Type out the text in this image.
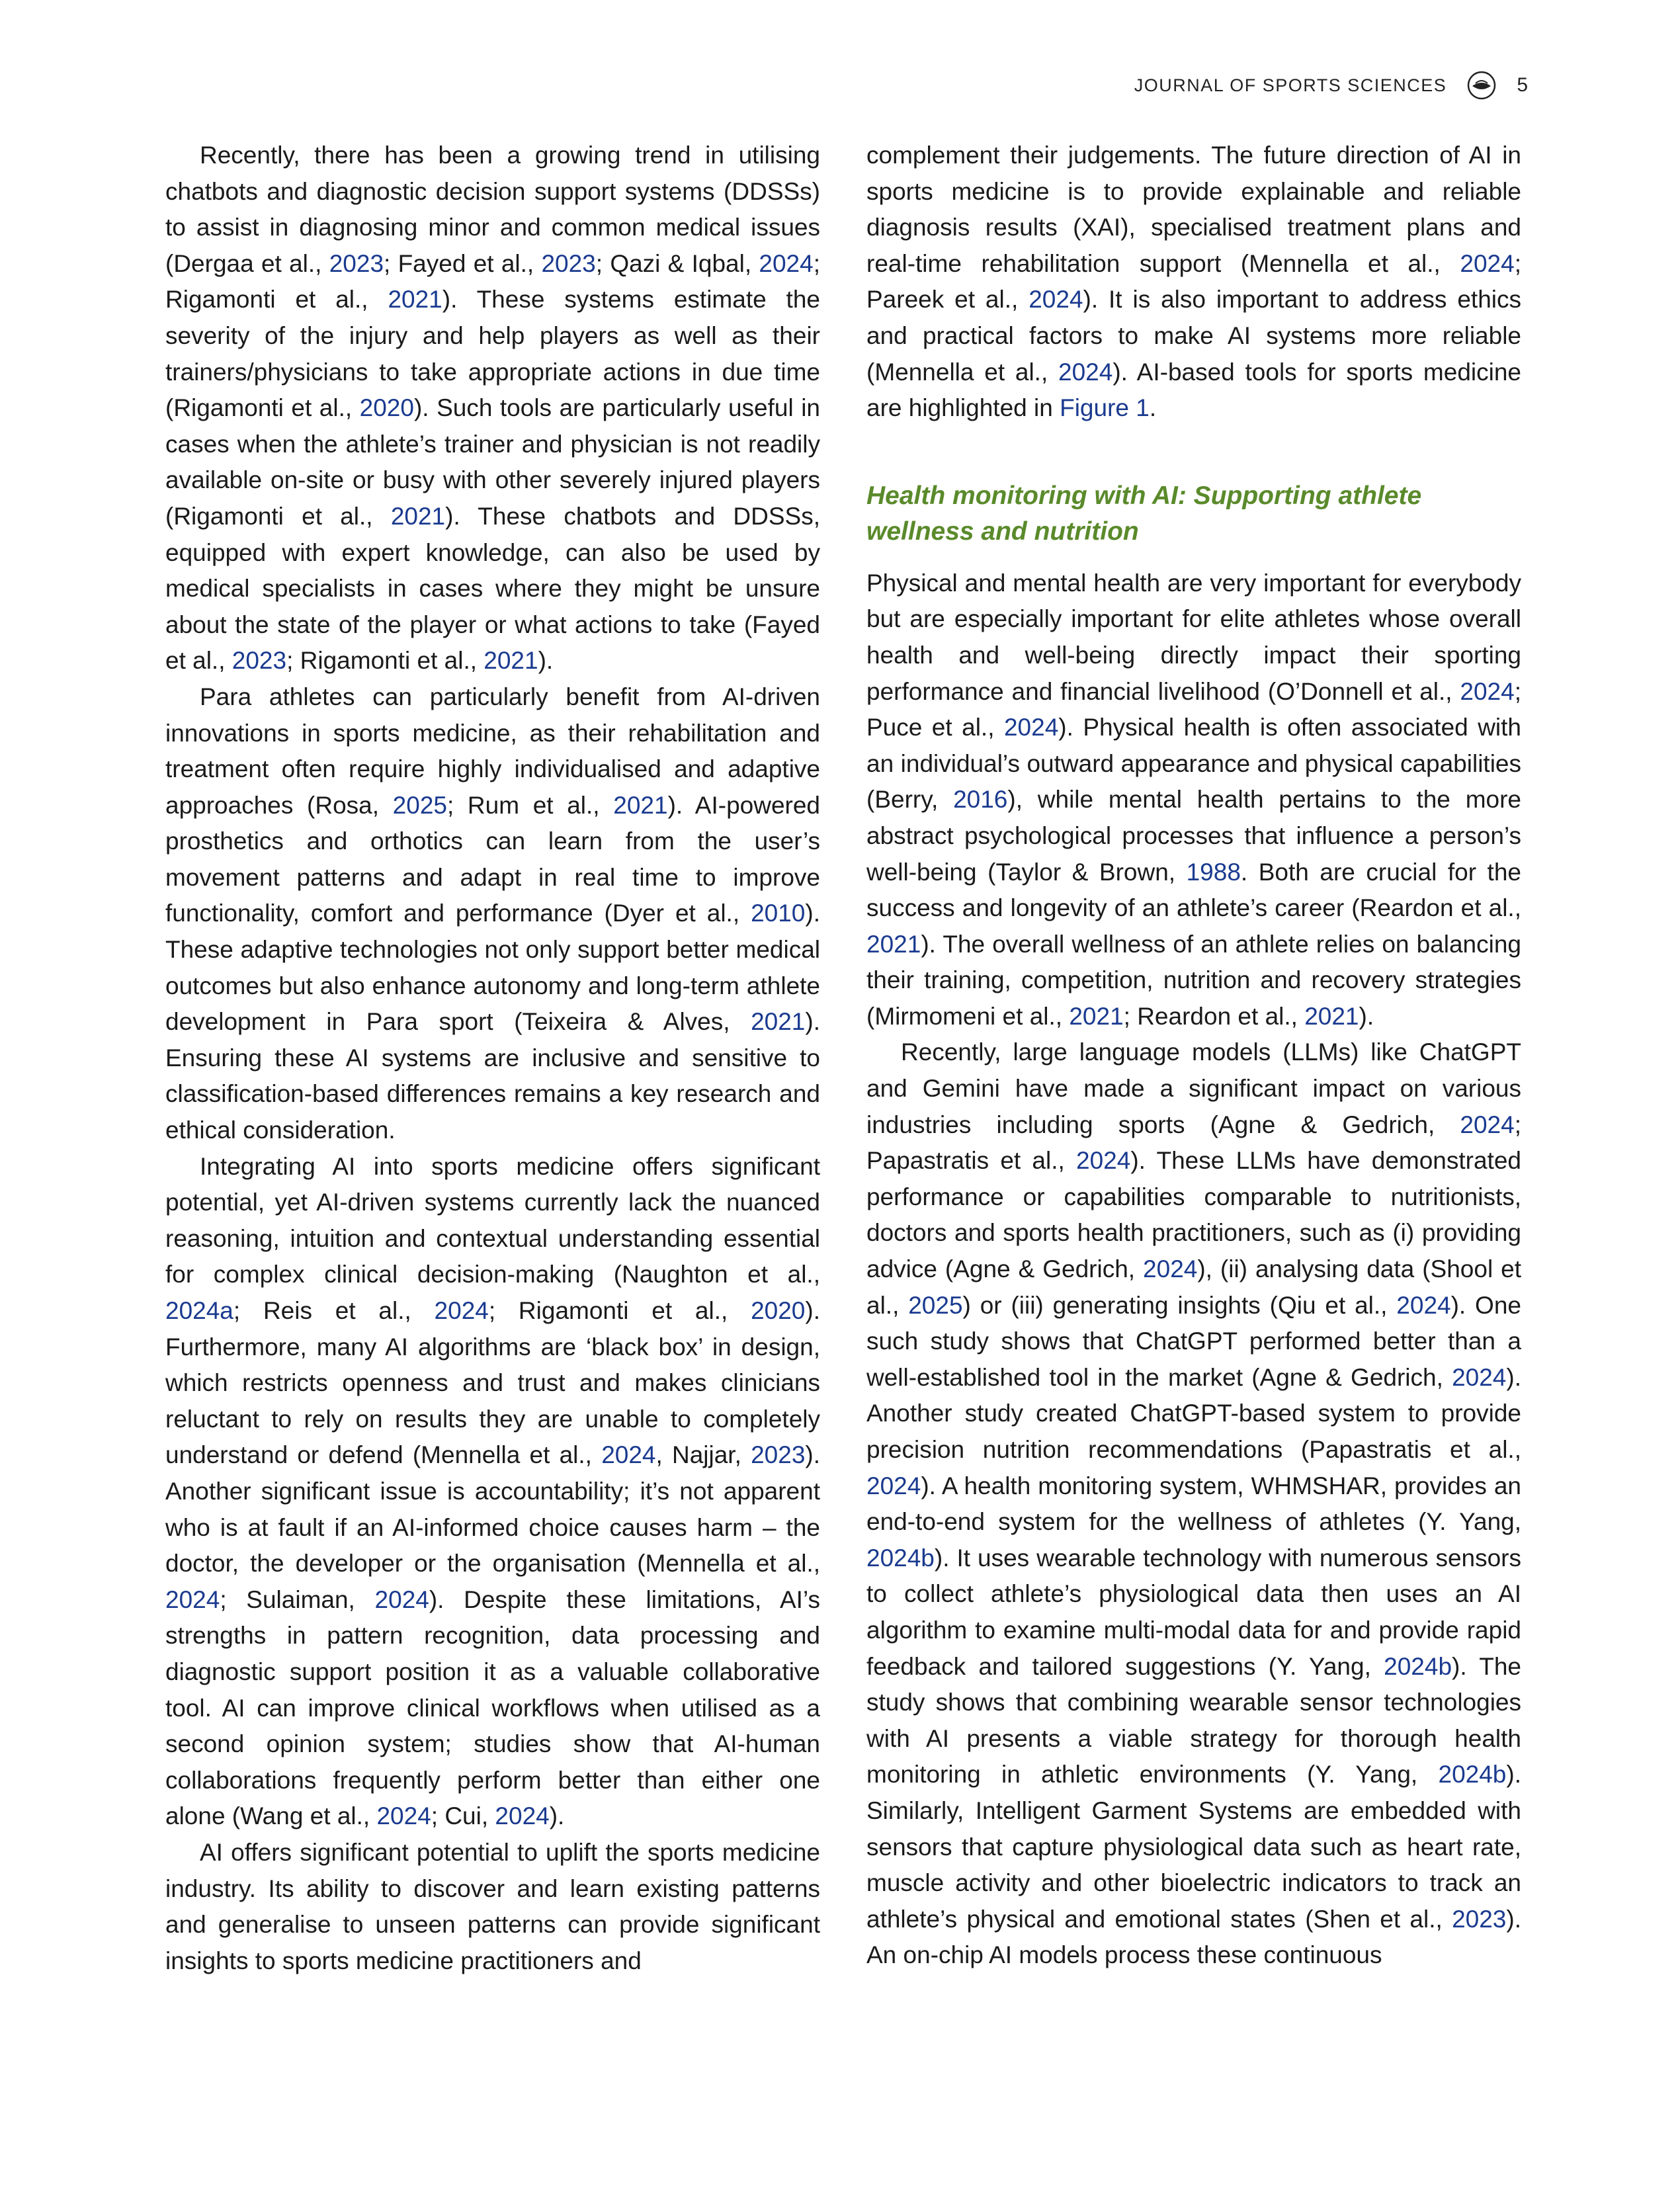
JOURNAL OF SPORTS SCIENCES	5

Recently, there has been a growing trend in utilising chatbots and diagnostic decision support systems (DDSSs) to assist in diagnosing minor and common medical issues (Dergaa et al., 2023; Fayed et al., 2023; Qazi & Iqbal, 2024; Rigamonti et al., 2021). These systems estimate the severity of the injury and help players as well as their trainers/physicians to take appropriate actions in due time (Rigamonti et al., 2020). Such tools are particularly useful in cases when the athlete’s trainer and physician is not readily available on-site or busy with other severely injured players (Rigamonti et al., 2021). These chatbots and DDSSs, equipped with expert knowledge, can also be used by medical specialists in cases where they might be unsure about the state of the player or what actions to take (Fayed et al., 2023; Rigamonti et al., 2021).

Para athletes can particularly benefit from AI-driven innovations in sports medicine, as their rehabilitation and treatment often require highly individualised and adaptive approaches (Rosa, 2025; Rum et al., 2021). AI-powered prosthetics and orthotics can learn from the user’s movement patterns and adapt in real time to improve functionality, comfort and performance (Dyer et al., 2010). These adaptive technologies not only support better medical outcomes but also enhance autonomy and long-term athlete development in Para sport (Teixeira & Alves, 2021). Ensuring these AI systems are inclusive and sensitive to classification-based differences remains a key research and ethical consideration.

Integrating AI into sports medicine offers significant potential, yet AI-driven systems currently lack the nuanced reasoning, intuition and contextual understanding essential for complex clinical decision-making (Naughton et al., 2024a; Reis et al., 2024; Rigamonti et al., 2020). Furthermore, many AI algorithms are ‘black box’ in design, which restricts openness and trust and makes clinicians reluctant to rely on results they are unable to completely understand or defend (Mennella et al., 2024, Najjar, 2023). Another significant issue is accountability; it’s not apparent who is at fault if an AI-informed choice causes harm – the doctor, the developer or the organisation (Mennella et al., 2024; Sulaiman, 2024). Despite these limitations, AI’s strengths in pattern recognition, data processing and diagnostic support position it as a valuable collaborative tool. AI can improve clinical workflows when utilised as a second opinion system; studies show that AI-human collaborations frequently perform better than either one alone (Wang et al., 2024; Cui, 2024).

AI offers significant potential to uplift the sports medicine industry. Its ability to discover and learn existing patterns and generalise to unseen patterns can provide significant insights to sports medicine practitioners and

complement their judgements. The future direction of AI in sports medicine is to provide explainable and reliable diagnosis results (XAI), specialised treatment plans and real-time rehabilitation support (Mennella et al., 2024; Pareek et al., 2024). It is also important to address ethics and practical factors to make AI systems more reliable (Mennella et al., 2024). AI-based tools for sports medicine are highlighted in Figure 1.

Health monitoring with AI: Supporting athlete wellness and nutrition

Physical and mental health are very important for everybody but are especially important for elite athletes whose overall health and well-being directly impact their sporting performance and financial livelihood (O’Donnell et al., 2024; Puce et al., 2024). Physical health is often associated with an individual’s outward appearance and physical capabilities (Berry, 2016), while mental health pertains to the more abstract psychological processes that influence a person’s well-being (Taylor & Brown, 1988. Both are crucial for the success and longevity of an athlete’s career (Reardon et al., 2021). The overall wellness of an athlete relies on balancing their training, competition, nutrition and recovery strategies (Mirmomeni et al., 2021; Reardon et al., 2021).

Recently, large language models (LLMs) like ChatGPT and Gemini have made a significant impact on various industries including sports (Agne & Gedrich, 2024; Papastratis et al., 2024). These LLMs have demonstrated performance or capabilities comparable to nutritionists, doctors and sports health practitioners, such as (i) providing advice (Agne & Gedrich, 2024), (ii) analysing data (Shool et al., 2025) or (iii) generating insights (Qiu et al., 2024). One such study shows that ChatGPT performed better than a well-established tool in the market (Agne & Gedrich, 2024). Another study created ChatGPT-based system to provide precision nutrition recommendations (Papastratis et al., 2024). A health monitoring system, WHMSHAR, provides an end-to-end system for the wellness of athletes (Y. Yang, 2024b). It uses wearable technology with numerous sensors to collect athlete’s physiological data then uses an AI algorithm to examine multi-modal data for and provide rapid feedback and tailored suggestions (Y. Yang, 2024b). The study shows that combining wearable sensor technologies with AI presents a viable strategy for thorough health monitoring in athletic environments (Y. Yang, 2024b). Similarly, Intelligent Garment Systems are embedded with sensors that capture physiological data such as heart rate, muscle activity and other bioelectric indicators to track an athlete’s physical and emotional states (Shen et al., 2023). An on-chip AI models process these continuous
